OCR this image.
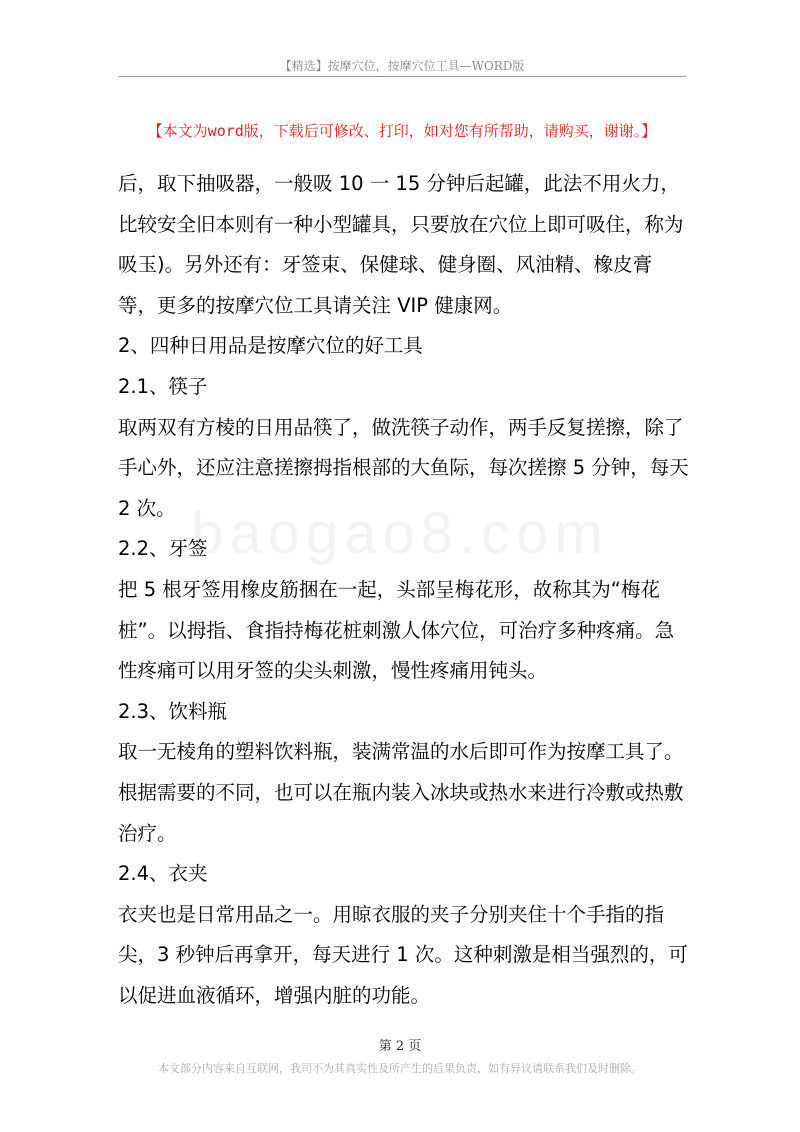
【精选】按摩穴位，按摩穴位工具—WORD版
【本文为word版，下载后可修改、打印，如对您有所帮助，请购买，谢谢。】
baogao8.com

后，取下抽吸器，一般吸 10 一 15 分钟后起罐，此法不用火力，比较安全旧本则有一种小型罐具，只要放在穴位上即可吸住，称为吸玉)。另外还有：牙签束、保健球、健身圈、风油精、橡皮膏等，更多的按摩穴位工具请关注 VIP 健康网。

2、四种日用品是按摩穴位的好工具

2.1、筷子

取两双有方棱的日用品筷了，做洗筷子动作，两手反复搓擦，除了手心外，还应注意搓擦拇指根部的大鱼际，每次搓擦 5 分钟，每天 2 次。

2.2、牙签

把 5 根牙签用橡皮筋捆在一起，头部呈梅花形，故称其为“梅花桩”。以拇指、食指持梅花桩刺激人体穴位，可治疗多种疼痛。急性疼痛可以用牙签的尖头刺激，慢性疼痛用钝头。

2.3、饮料瓶

取一无棱角的塑料饮料瓶，装满常温的水后即可作为按摩工具了。根据需要的不同，也可以在瓶内装入冰块或热水来进行冷敷或热敷治疗。

2.4、衣夹

衣夹也是日常用品之一。用晾衣服的夹子分别夹住十个手指的指尖，3 秒钟后再拿开，每天进行 1 次。这种刺激是相当强烈的，可以促进血液循环，增强内脏的功能。

第 2 页
本文部分内容来自互联网，我司不为其真实性及所产生的后果负责，如有异议请联系我们及时删除。
